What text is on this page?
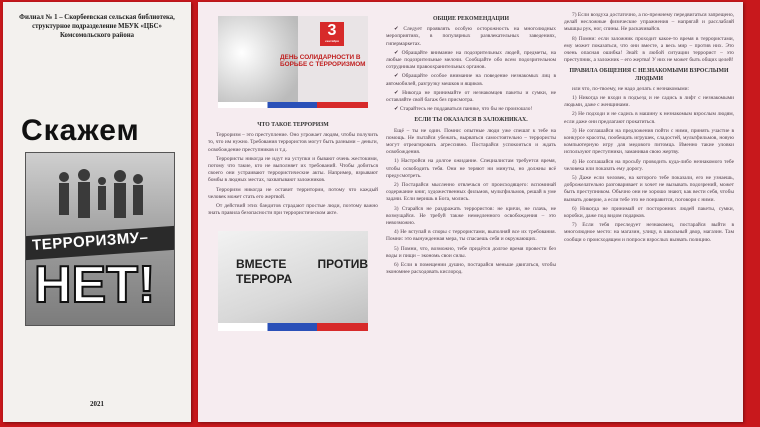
Филиал № 1 – Скорбеевская сельская библиотека,
структурное подразделение МБУК «ЦБС»
Комсомольского района
Скажем
ТЕРРОРИЗМУ–
НЕТ!
2021
3
сентября
ДЕНЬ СОЛИДАРНОСТИ В БОРЬБЕ С ТЕРРОРИЗМОМ
ЧТО ТАКОЕ ТЕРРОРИЗМ

Терроризм – это преступление. Оно угрожает людям, чтобы получить то, что им нужно. Требования террористов могут быть разными – деньги, освобождение преступников и т.д.

Террористы никогда не идут на уступки и бывают очень жестокими, потому что такие, кто не выполняет их требований. Чтобы добиться своего они устраивают террористические акты. Например, взрывают бомбы в людных местах, захватывают заложников.

Терроризм никогда не оставит территории, потому что каждый человек может стать его жертвой.

От действий этих бандитов страдают простые люди, поэтому важно знать правила безопасности при террористическом акте.

ВМЕСТЕ ПРОТИВ ТЕРРОРА
ОБЩИЕ РЕКОМЕНДАЦИИ

✔ Следует проявлять особую осторожность на многолюдных мероприятиях, в популярных развлекательных заведениях, гипермаркетах.

✔ Обращайте внимание на подозрительных людей, предметы, на любые подозрительные мелочи. Сообщайте обо всем подозрительном сотрудникам правоохранительных органов.

✔ Обращайте особое внимание на поведение незнакомых лиц в автомобилей, разгрузку мешков и ящиков.

✔ Никогда не принимайте от незнакомцев пакеты и сумки, не оставляйте свой багаж без присмотра.

✔ Старайтесь не поддаваться панике, что бы не произошло!

ЕСЛИ ТЫ ОКАЗАЛСЯ В ЗАЛОЖНИКАХ.

Ещё – ты не один. Помни: опытные люди уже спешат к тебе на помощь. Не пытайся убежать, вырваться самостоятельно – террористы могут отреагировать агрессивно. Постарайся успокоиться и ждать освобождения.

1) Настройся на долгое ожидание. Специалистам требуется время, чтобы освободить тебя. Они не теряют ни минуты, но должны всё предусмотреть.

2) Постарайся мысленно отвлечься от происходящего: вспоминай содержание книг, художественных фильмов, мультфильмов, решай в уме задачи. Если веришь в Бога, молись.

3) Старайся не раздражать террористов: не кричи, не плачь, не возмущайся. Не требуй также немедленного освобождения – это невозможно.

4) Не вступай в споры с террористами, выполняй все их требования. Помни: это вынужденная мера, ты спасаешь себя и окружающих.

5) Помни, что, возможно, тебе придётся долгое время провести без воды и пищи – экономь свои силы.

6) Если в помещении душно, постарайся меньше двигаться, чтобы экономнее расходовать кислород.

7) Если воздуха достаточно, а по-прежнему передвигаться запрещено, делай несложные физические упражнения – напрягай и расслабляй мышцы рук, ног, спины. Не раскачивайся.

8) Помни: если заложник проходит какое-то время в террористами, ему может показаться, что они вместе, а весь мир – против них. Это очень опасная ошибка! Знай: в любой ситуации террорист – это преступник, а заложник – его жертва! У них не может быть общих целей!

ПРАВИЛА ОБЩЕНИЯ С НЕЗНАКОМЫМИ ВЗРОСЛЫМИ ЛЮДЬМИ

или что, по-твоему, не надо делать с незнакомыми:

1) Никогда не входи в подъезд и не садись в лифт с незнакомыми людьми, даже с женщинами.

2) Не подходи и не садись в машину к незнакомым взрослым людям, если даже они предлагают прокатиться.

3) Не соглашайся на предложения пойти с ними, принять участие в конкурсе красоты, пообещать игрушек, сладостей, мультфильмов, новую компьютерную игру для медового питомца. Именно такие уловки используют преступники, заманивая свою жертву.

4) Не соглашайся на просьбу проводить куда-либо незнакомого тебе человека или показать ему дорогу.

5) Даже если человек, на которого тебе показали, его не узнаешь, доброжелательно разговаривает и хочет не вызывать подозрений, может быть преступником. Обычно они не хорошо знают, как вести себя, чтобы вызвать доверие, а если тебе это не понравится, поговори с ними.

6) Никогда не принимай от посторонних людей пакеты, сумки, коробки, даже под видом подарков.

7) Если тебя преследует незнакомец, постарайся выйти в многолюдное место: на магазин, улицу, в школьный двор, магазин. Там сообщи о происходящем и попроси взрослых вызвать полицию.
